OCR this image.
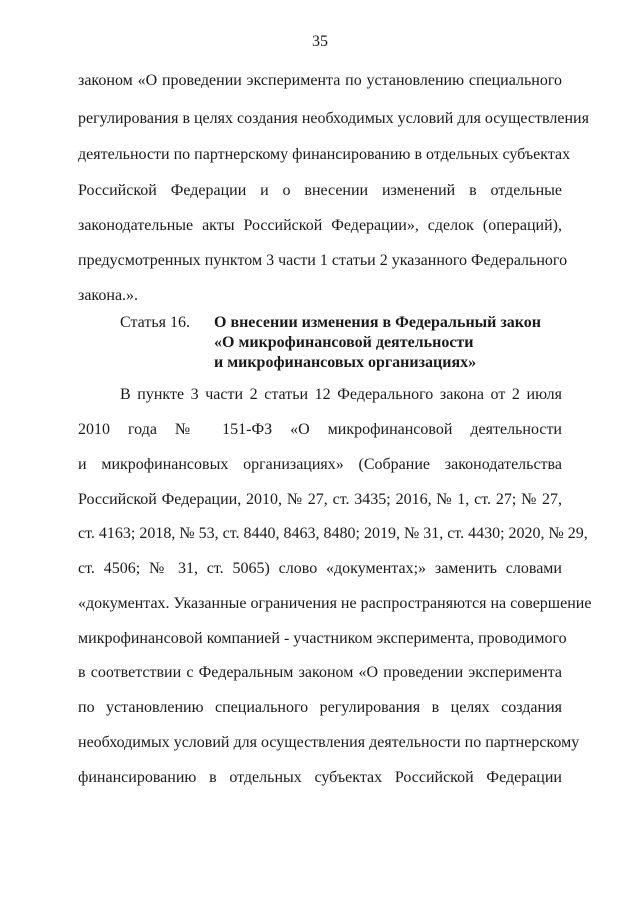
35
законом «О проведении эксперимента по установлению специального
регулирования в целях создания необходимых условий для осуществления
деятельности по партнерскому финансированию в отдельных субъектах
Российской Федерации и о внесении изменений в отдельные
законодательные акты Российской Федерации», сделок (операций),
предусмотренных пунктом 3 части 1 статьи 2 указанного Федерального
закона.».
Статья 16. О внесении изменения в Федеральный закон
«О микрофинансовой деятельности
и микрофинансовых организациях»
В пункте 3 части 2 статьи 12 Федерального закона от 2 июля
2010 года № 151-ФЗ «О микрофинансовой деятельности
и микрофинансовых организациях» (Собрание законодательства
Российской Федерации, 2010, № 27, ст. 3435; 2016, № 1, ст. 27; № 27,
ст. 4163; 2018, № 53, ст. 8440, 8463, 8480; 2019, № 31, ст. 4430; 2020, № 29,
ст. 4506; № 31, ст. 5065) слово «документах;» заменить словами
«документах. Указанные ограничения не распространяются на совершение
микрофинансовой компанией - участником эксперимента, проводимого
в соответствии с Федеральным законом «О проведении эксперимента
по установлению специального регулирования в целях создания
необходимых условий для осуществления деятельности по партнерскому
финансированию в отдельных субъектах Российской Федерации
